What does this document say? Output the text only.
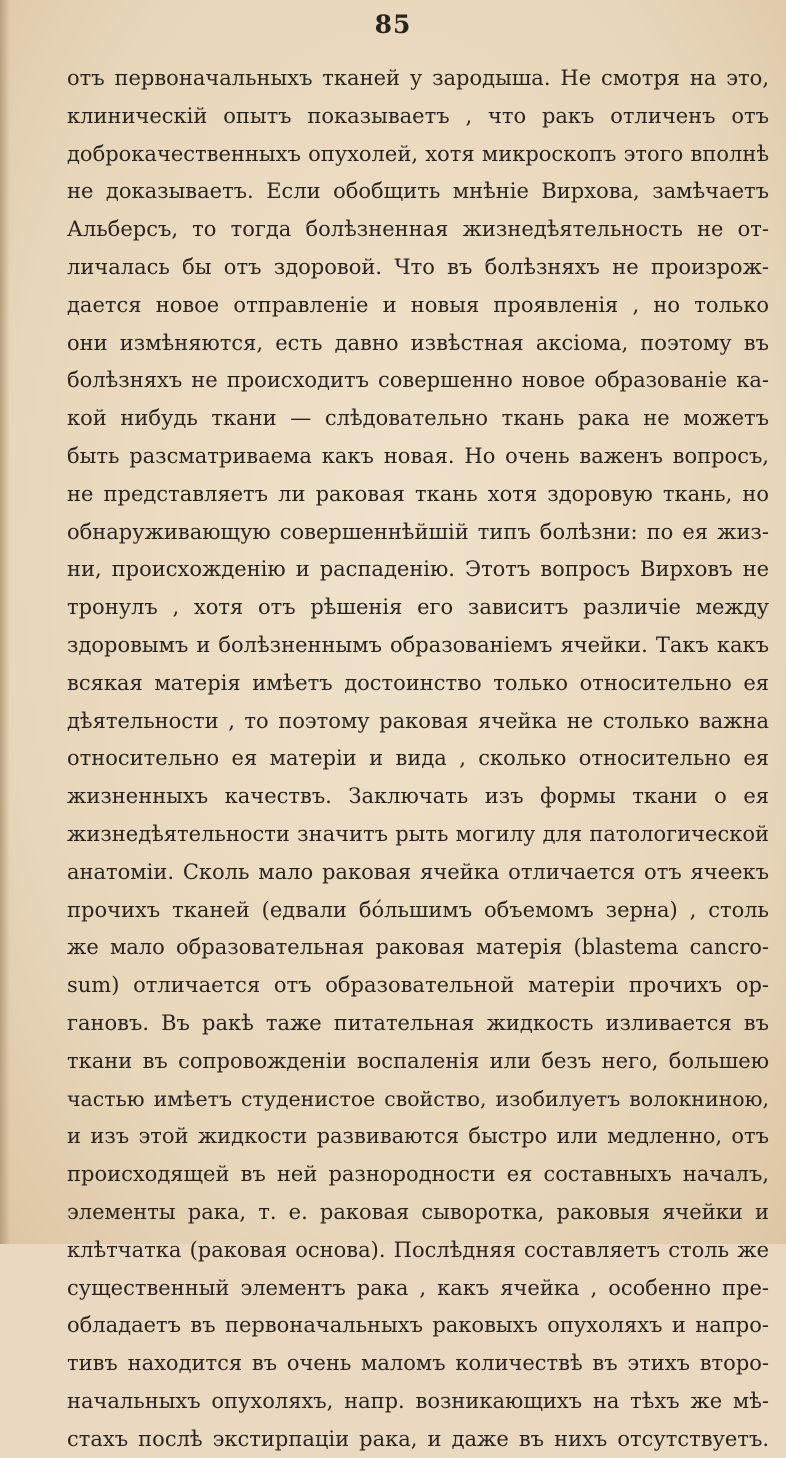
85
отъ первоначальныхъ тканей у зародыша. Не смотря на это,
клиническій опытъ показываетъ , что ракъ отличенъ отъ
доброкачественныхъ опухолей, хотя микроскопъ этого вполнѣ
не доказываетъ. Если обобщить мнѣніе Вирхова, замѣчаетъ
Альберсъ, то тогда болѣзненная жизнедѣятельность не от-
личалась бы отъ здоровой. Что въ болѣзняхъ не произрож-
дается новое отправленіе и новыя проявленія , но только
они измѣняются, есть давно извѣстная аксіома, поэтому въ
болѣзняхъ не происходитъ совершенно новое образованіе ка-
кой нибудь ткани — слѣдовательно ткань рака не можетъ
быть разсматриваема какъ новая. Но очень важенъ вопросъ,
не представляетъ ли раковая ткань хотя здоровую ткань, но
обнаруживающую совершеннѣйшій типъ болѣзни: по ея жиз-
ни, происхожденію и распаденію. Этотъ вопросъ Вирховъ не
тронулъ , хотя отъ рѣшенія его зависитъ различіе между
здоровымъ и болѣзненнымъ образованіемъ ячейки. Такъ какъ
всякая матерія имѣетъ достоинство только относительно ея
дѣятельности , то поэтому раковая ячейка не столько важна
относительно ея матеріи и вида , сколько относительно ея
жизненныхъ качествъ. Заключать изъ формы ткани о ея
жизнедѣятельности значитъ рыть могилу для патологической
анатоміи. Сколь мало раковая ячейка отличается отъ ячеекъ
прочихъ тканей (едвали бо́льшимъ объемомъ зерна) , столь
же мало образовательная раковая матерія (blastema cancro-
sum) отличается отъ образовательной матеріи прочихъ ор-
гановъ. Въ ракѣ таже питательная жидкость изливается въ
ткани въ сопровожденіи воспаленія или безъ него, большею
частью имѣетъ студенистое свойство, изобилуетъ волокниною,
и изъ этой жидкости развиваются быстро или медленно, отъ
происходящей въ ней разнородности ея составныхъ началъ,
элементы рака, т. е. раковая сыворотка, раковыя ячейки и
клѣтчатка (раковая основа). Послѣдняя составляетъ столь же
существенный элементъ рака , какъ ячейка , особенно пре-
обладаетъ въ первоначальныхъ раковыхъ опухоляхъ и напро-
тивъ находится въ очень маломъ количествѣ въ этихъ второ-
начальныхъ опухоляхъ, напр. возникающихъ на тѣхъ же мѣ-
стахъ послѣ экстирпаціи рака, и даже въ нихъ отсутствуетъ.
